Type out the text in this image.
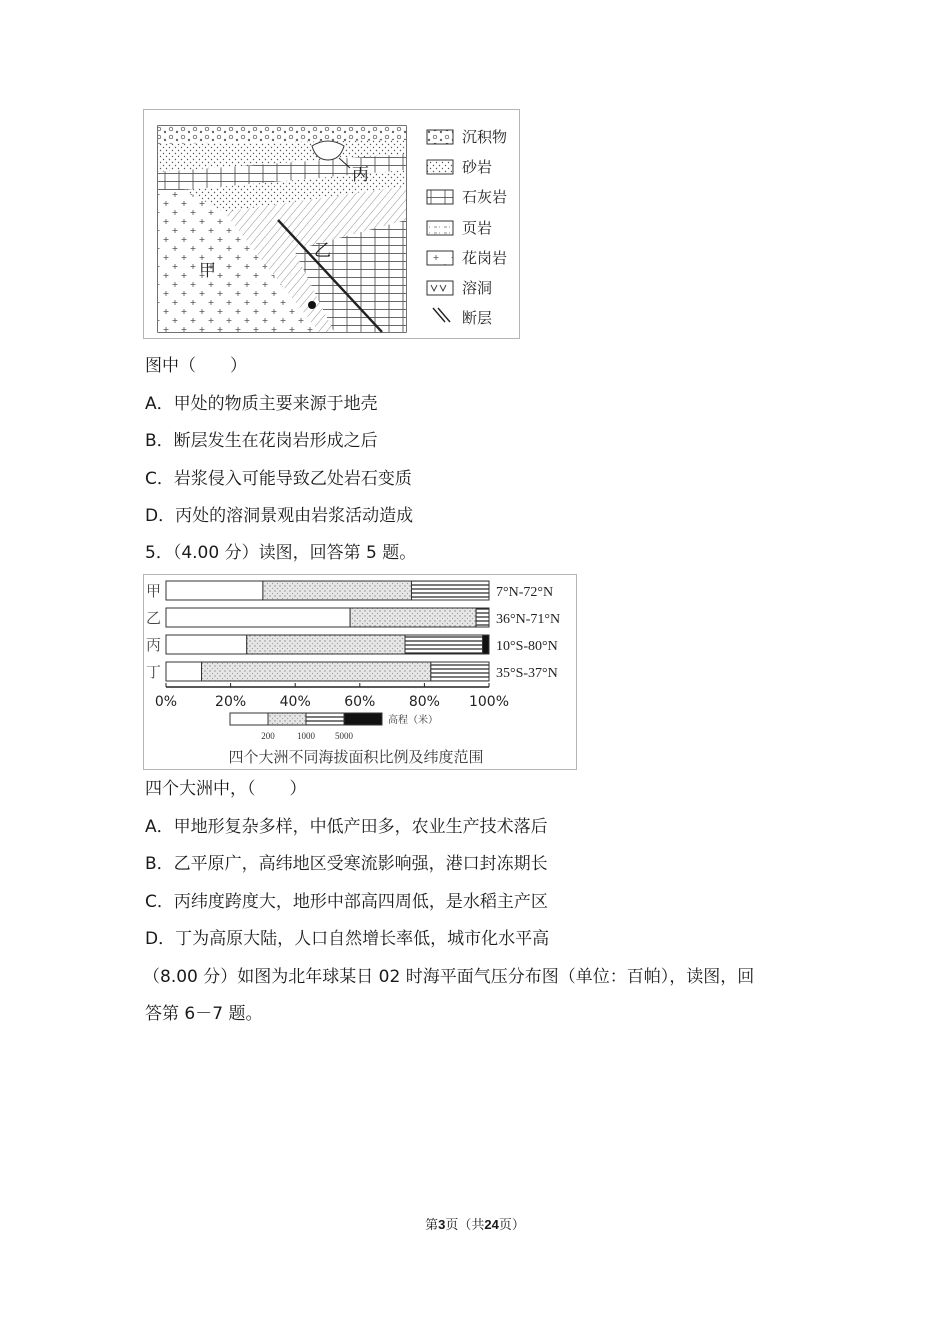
甲
乙
丙
沉积物
砂岩
石灰岩
页岩
花岗岩
溶洞
断层
图中（　　）
A．甲处的物质主要来源于地壳
B．断层发生在花岗岩形成之后
C．岩浆侵入可能导致乙处岩石变质
D．丙处的溶洞景观由岩浆活动造成
5．（4.00 分）读图，回答第 5 题。
甲	7°N-72°N
乙	36°N-71°N
丙	10°S-80°N
丁	35°S-37°N
0%	20% 40% 60% 80% 100%
高程（米）
200 1000 5000
四个大洲不同海拔面积比例及纬度范围
四个大洲中，（　　）
A．甲地形复杂多样，中低产田多，农业生产技术落后
B．乙平原广，高纬地区受寒流影响强，港口封冻期长
C．丙纬度跨度大，地形中部高四周低，是水稻主产区
D．丁为高原大陆，人口自然增长率低，城市化水平高
（8.00 分）如图为北年球某日 02 时海平面气压分布图（单位：百帕），读图，回
答第 6－7 题。
第3页（共24页）
